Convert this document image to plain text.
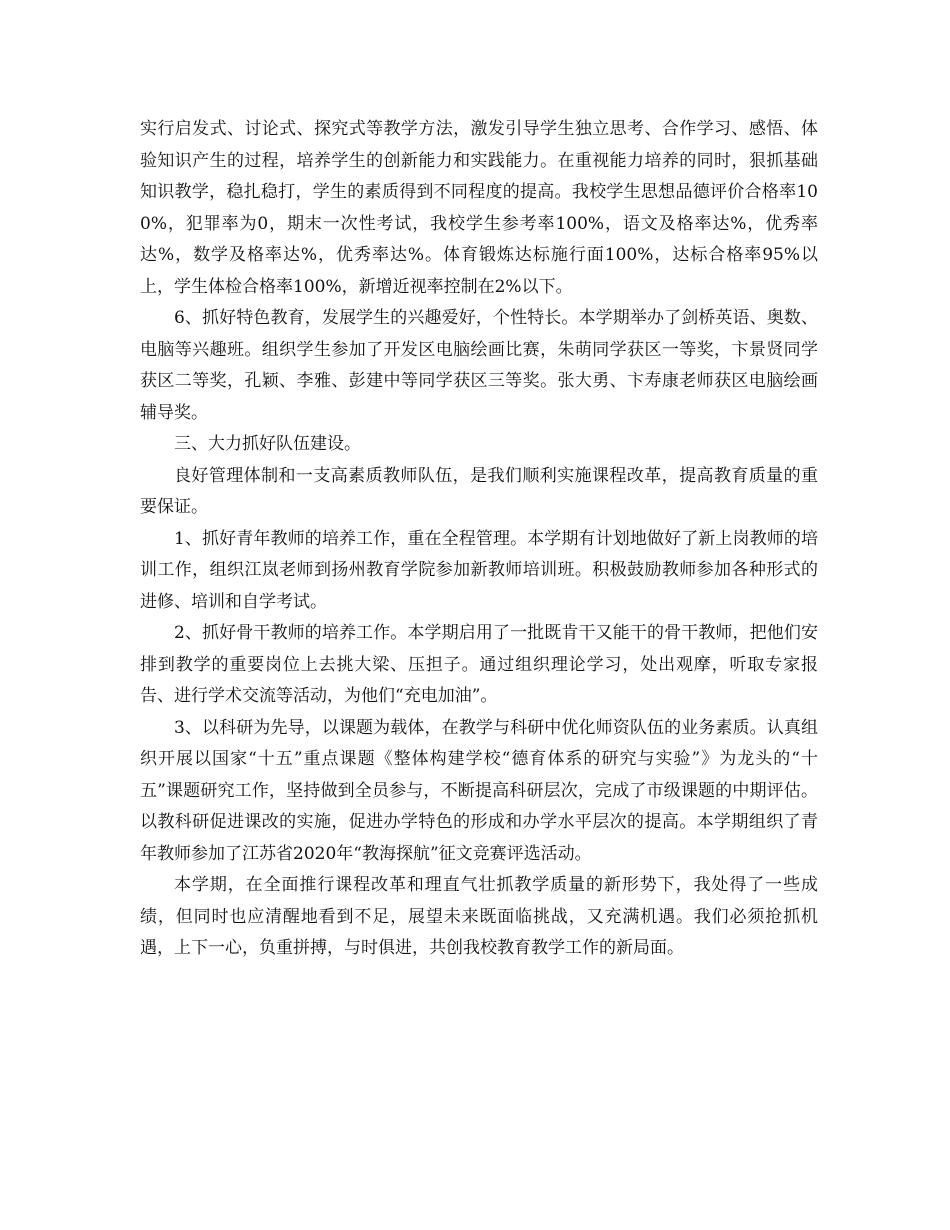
实行启发式、讨论式、探究式等教学方法，激发引导学生独立思考、合作学习、感悟、体验知识产生的过程，培养学生的创新能力和实践能力。在重视能力培养的同时，狠抓基础知识教学，稳扎稳打，学生的素质得到不同程度的提高。我校学生思想品德评价合格率100%，犯罪率为0，期末一次性考试，我校学生参考率100%，语文及格率达%，优秀率达%，数学及格率达%，优秀率达%。体育锻炼达标施行面100%，达标合格率95%以上，学生体检合格率100%，新增近视率控制在2%以下。

6、抓好特色教育，发展学生的兴趣爱好，个性特长。本学期举办了剑桥英语、奥数、电脑等兴趣班。组织学生参加了开发区电脑绘画比赛，朱萌同学获区一等奖，卞景贤同学获区二等奖，孔颖、李雅、彭建中等同学获区三等奖。张大勇、卞寿康老师获区电脑绘画辅导奖。

三、大力抓好队伍建设。

良好管理体制和一支高素质教师队伍，是我们顺利实施课程改革，提高教育质量的重要保证。

1、抓好青年教师的培养工作，重在全程管理。本学期有计划地做好了新上岗教师的培训工作，组织江岚老师到扬州教育学院参加新教师培训班。积极鼓励教师参加各种形式的进修、培训和自学考试。

2、抓好骨干教师的培养工作。本学期启用了一批既肯干又能干的骨干教师，把他们安排到教学的重要岗位上去挑大梁、压担子。通过组织理论学习，处出观摩，听取专家报告、进行学术交流等活动，为他们“充电加油”。

3、以科研为先导，以课题为载体，在教学与科研中优化师资队伍的业务素质。认真组织开展以国家“十五”重点课题《整体构建学校“德育体系的研究与实验”》为龙头的“十五”课题研究工作，坚持做到全员参与，不断提高科研层次，完成了市级课题的中期评估。以教科研促进课改的实施，促进办学特色的形成和办学水平层次的提高。本学期组织了青年教师参加了江苏省2020年“教海探航”征文竞赛评选活动。

本学期，在全面推行课程改革和理直气壮抓教学质量的新形势下，我处得了一些成绩，但同时也应清醒地看到不足，展望未来既面临挑战，又充满机遇。我们必须抢抓机遇，上下一心，负重拼搏，与时俱进，共创我校教育教学工作的新局面。
